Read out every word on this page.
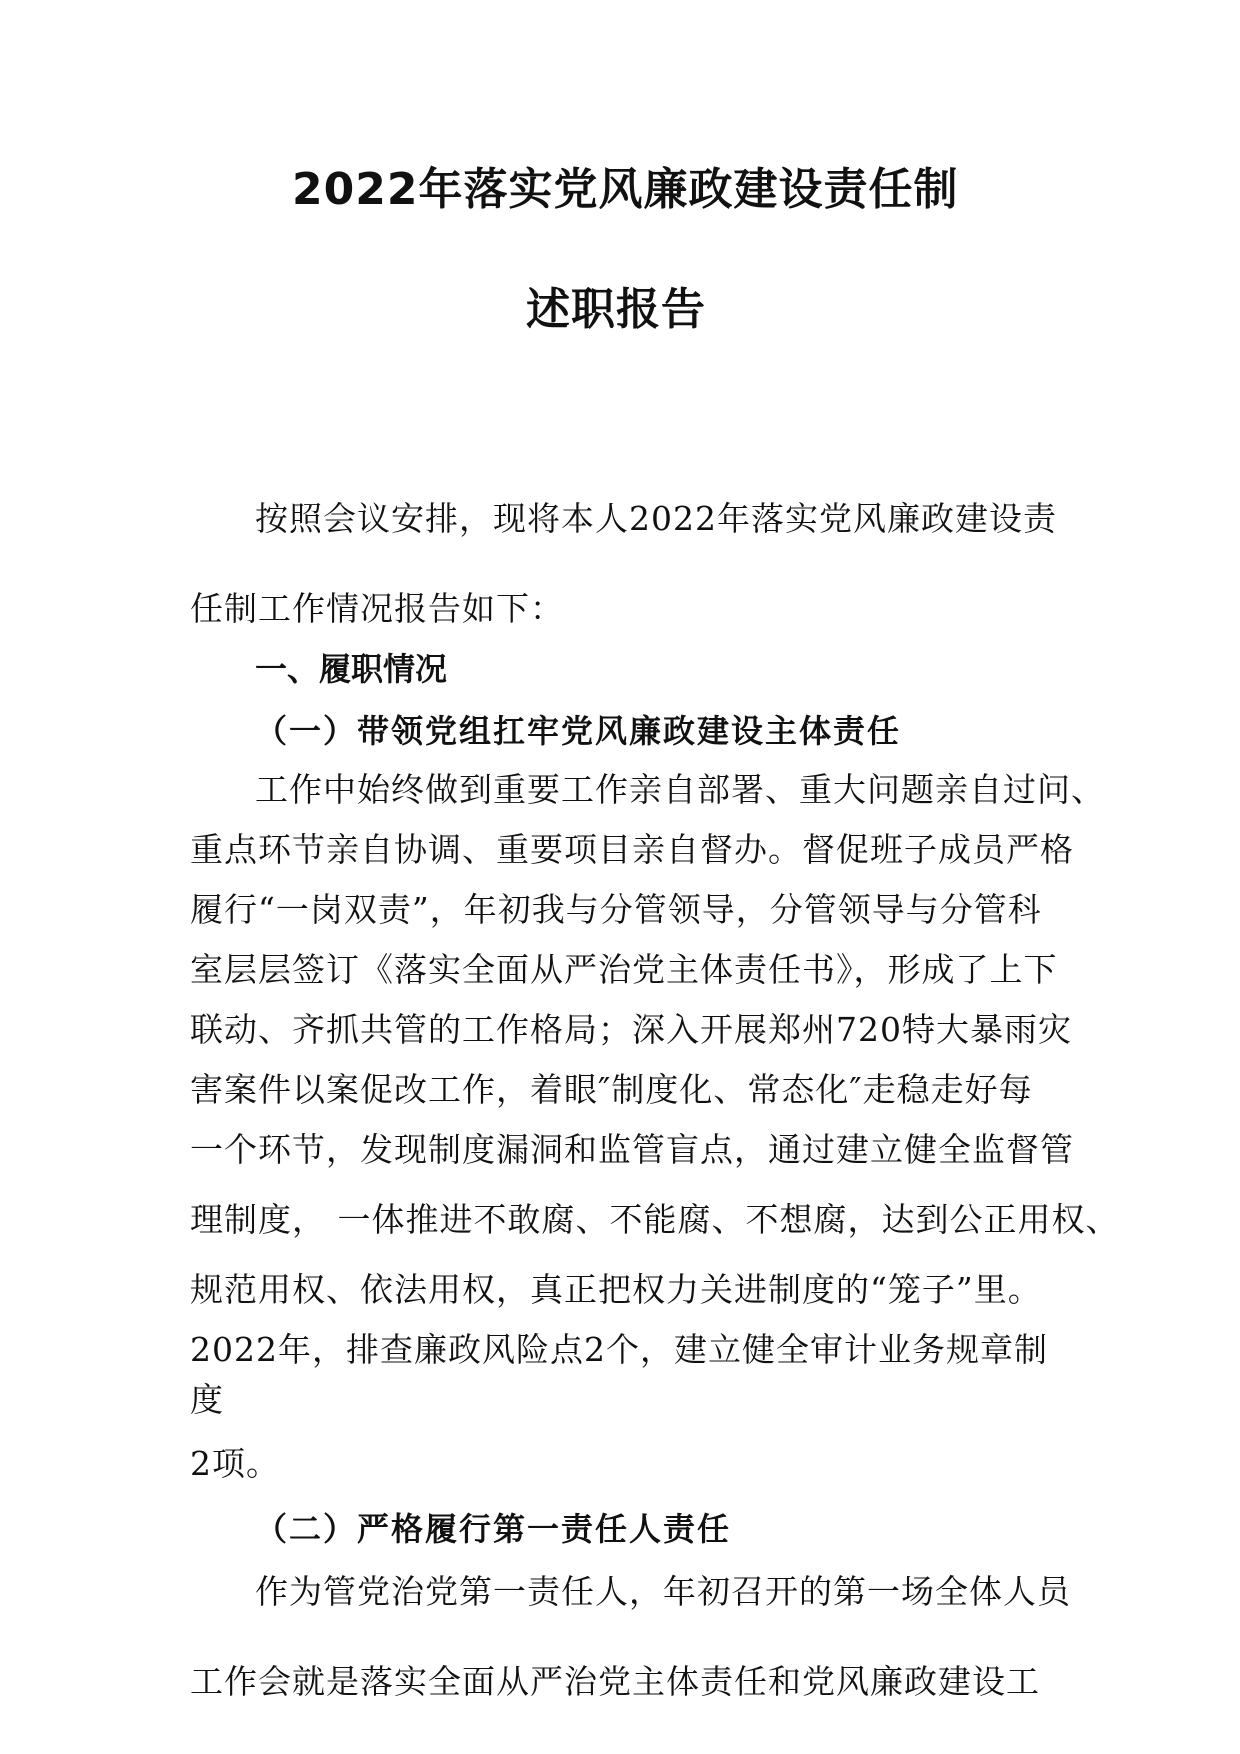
2022年落实党风廉政建设责任制
述职报告
按照会议安排，现将本人2022年落实党风廉政建设责
任制工作情况报告如下：
一、履职情况
（一）带领党组扛牢党风廉政建设主体责任
工作中始终做到重要工作亲自部署、重大问题亲自过问、
重点环节亲自协调、重要项目亲自督办。督促班子成员严格
履行“一岗双责”，年初我与分管领导，分管领导与分管科
室层层签订《落实全面从严治党主体责任书》，形成了上下
联动、齐抓共管的工作格局；深入开展郑州720特大暴雨灾
害案件以案促改工作，着眼″制度化、常态化″走稳走好每
一个环节，发现制度漏洞和监管盲点，通过建立健全监督管
理制度， 一体推进不敢腐、不能腐、不想腐，达到公正用权、
规范用权、依法用权，真正把权力关进制度的“笼子”里。
2022年，排查廉政风险点2个，建立健全审计业务规章制
度
2项。
（二）严格履行第一责任人责任
作为管党治党第一责任人，年初召开的第一场全体人员
工作会就是落实全面从严治党主体责任和党风廉政建设工
